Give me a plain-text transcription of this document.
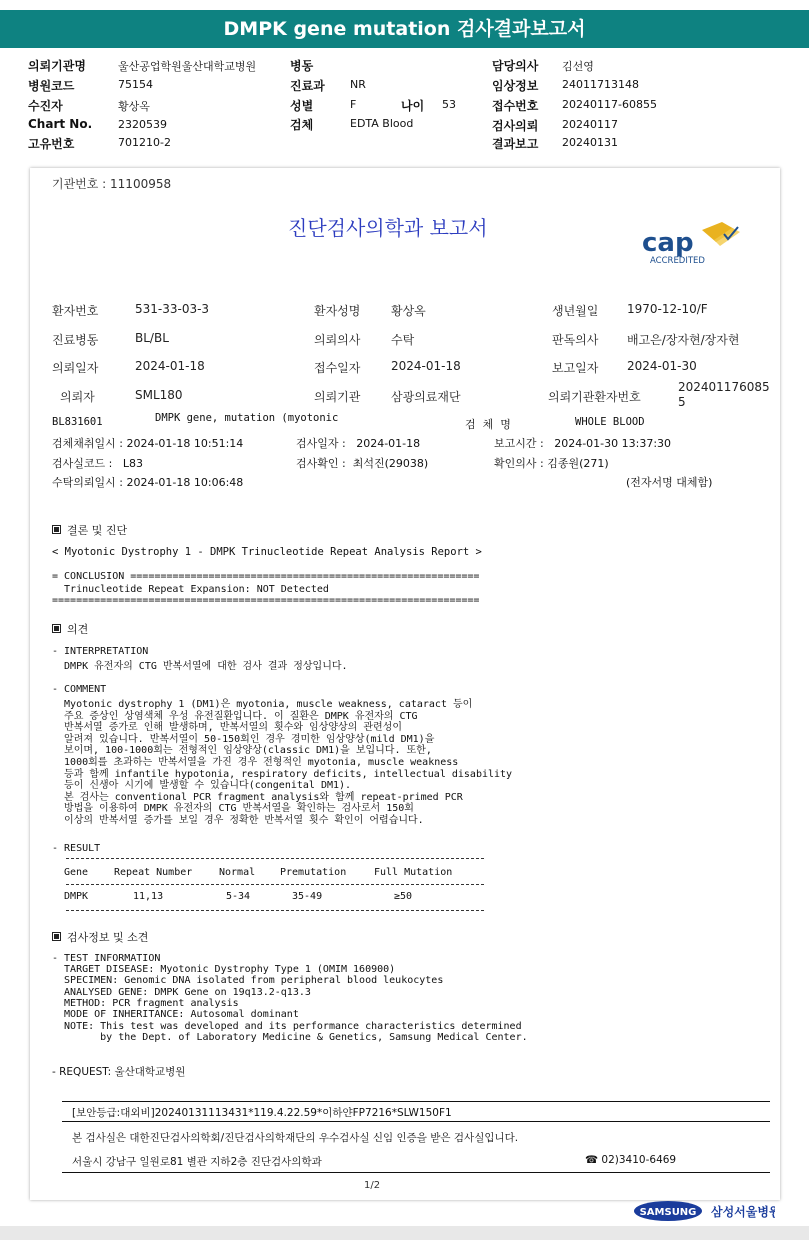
DMPK gene mutation 검사결과보고서
의뢰기관명	울산공업학원울산대학교병원
병원코드	75154
수진자	황상옥
Chart No. 2320539
고유번호	701210-2
병동
진료과 NR
성별	F	나이 53
검체	EDTA Blood
담당의사 김선영
임상정보 24011713148
접수번호 20240117-60855
검사의뢰 20240117
결과보고 20240131
기관번호 : 11100958
진단검사의학과 보고서	cap
ACCREDITED
환자번호	531-33-03-3	환자성명	황상옥	생년월일 1970-12-10/F
진료병동	BL/BL	의뢰의사	수탁	판독의사 배고은/장자현/장자현
의뢰일자	2024-01-18	접수일자	2024-01-18	보고일자 2024-01-30
의뢰자	SML180	의뢰기관	삼광의료재단	의뢰기관환자번호
202401176085
5
BL831601	DMPK gene, mutation (myotonic	검  체  명	WHOLE BLOOD
검체채취일시 : 2024-01-18 10:51:14	검사일자 :   2024-01-18	보고시간 :   2024-01-30 13:37:30
검사실코드 :   L83	검사확인 :  최석진(29038)	확인의사 : 김종원(271)
수탁의뢰일시 : 2024-01-18 10:06:48	(전자서명 대체함)
결론 및 진단
< Myotonic Dystrophy 1 - DMPK Trinucleotide Repeat Analysis Report >
= CONCLUSION ==========================================================
Trinucleotide Repeat Expansion: NOT Detected
=======================================================================
의견
- INTERPRETATION
DMPK 유전자의 CTG 반복서열에 대한 검사 결과 정상입니다.
- COMMENT
Myotonic dystrophy 1 (DM1)은 myotonia, muscle weakness, cataract 등이
주요 증상인 상염색체 우성 유전질환입니다. 이 질환은 DMPK 유전자의 CTG
반복서열 증가로 인해 발생하며, 반복서열의 횟수와 임상양상의 관련성이
알려져 있습니다. 반복서열이 50-150회인 경우 경미한 임상양상(mild DM1)을
보이며, 100-1000회는 전형적인 임상양상(classic DM1)을 보입니다. 또한,
1000회를 초과하는 반복서열을 가진 경우 전형적인 myotonia, muscle weakness
등과 함께 infantile hypotonia, respiratory deficits, intellectual disability
등이 신생아 시기에 발생할 수 있습니다(congenital DM1).
본 검사는 conventional PCR fragment analysis와 함께 repeat-primed PCR
방법을 이용하여 DMPK 유전자의 CTG 반복서열을 확인하는 검사로서 150회
이상의 반복서열 증가를 보일 경우 정확한 반복서열 횟수 확인이 어렵습니다.
- RESULT
Gene	Repeat Number	Normal Premutation	Full Mutation
DMPK	11,13	5-34	35-49	≥50
검사정보 및 소견
- TEST INFORMATION
TARGET DISEASE: Myotonic Dystrophy Type 1 (OMIM 160900)
SPECIMEN: Genomic DNA isolated from peripheral blood leukocytes
ANALYSED GENE: DMPK Gene on 19q13.2-q13.3
METHOD: PCR fragment analysis
MODE OF INHERITANCE: Autosomal dominant
NOTE: This test was developed and its performance characteristics determined
by the Dept. of Laboratory Medicine & Genetics, Samsung Medical Center.
- REQUEST: 울산대학교병원
[보안등급:대외비]20240131113431*119.4.22.59*이하얀FP7216*SLW150F1
본 검사실은 대한진단검사의학회/진단검사의학재단의 우수검사실 신임 인증을 받은 검사실입니다.
서울시 강남구 일원로81 별관 지하2층 진단검사의학과	☎ 02)3410-6469
1/2
SAMSUNG 삼성서울병원
